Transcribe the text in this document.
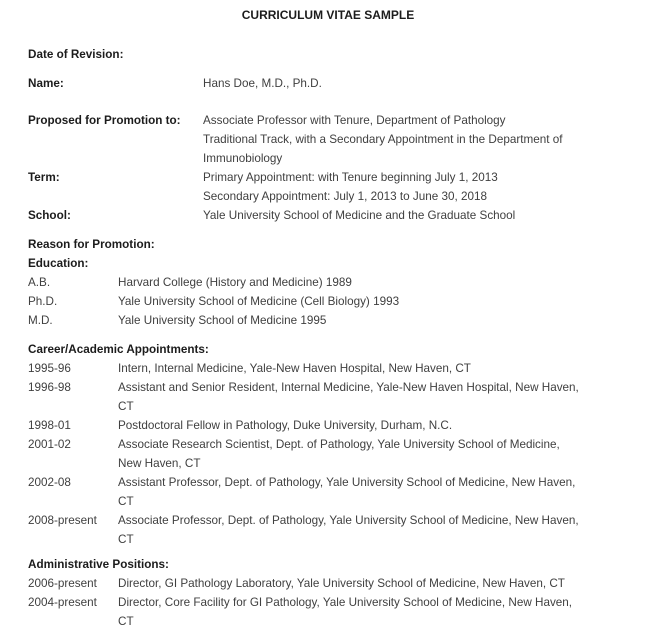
CURRICULUM VITAE SAMPLE
Date of Revision:
Name:	Hans Doe, M.D., Ph.D.
Proposed for Promotion to:	Associate Professor with Tenure, Department of Pathology
Traditional Track, with a Secondary Appointment in the Department of
Immunobiology
Term:	Primary Appointment: with Tenure beginning July 1, 2013
Secondary Appointment: July 1, 2013 to June 30, 2018
School:	Yale University School of Medicine and the Graduate School
Reason for Promotion:
Education:
A.B.	Harvard College (History and Medicine) 1989
Ph.D.	Yale University School of Medicine (Cell Biology) 1993
M.D.	Yale University School of Medicine 1995
Career/Academic Appointments:
1995-96	Intern, Internal Medicine, Yale-New Haven Hospital, New Haven, CT
1996-98	Assistant and Senior Resident, Internal Medicine, Yale-New Haven Hospital, New Haven,
CT
1998-01	Postdoctoral Fellow in Pathology, Duke University, Durham, N.C.
2001-02	Associate Research Scientist, Dept. of Pathology, Yale University School of Medicine,
New Haven, CT
2002-08	Assistant Professor, Dept. of Pathology, Yale University School of Medicine, New Haven,
CT
2008-present	Associate Professor, Dept. of Pathology, Yale University School of Medicine, New Haven,
CT
Administrative Positions:
2006-present	Director, GI Pathology Laboratory, Yale University School of Medicine, New Haven, CT
2004-present	Director, Core Facility for GI Pathology, Yale University School of Medicine, New Haven,
CT
